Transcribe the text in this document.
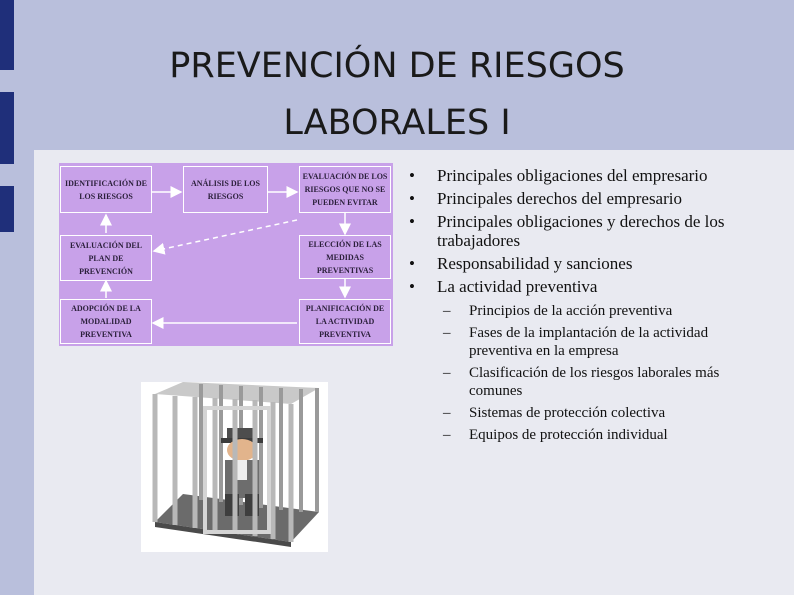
PREVENCIÓN DE RIESGOS
LABORALES I
IDENTIFICACIÓN DE LOS RIESGOS
ANÁLISIS DE LOS RIESGOS
EVALUACIÓN DE LOS RIESGOS QUE NO SE PUEDEN EVITAR
EVALUACIÓN DEL PLAN DE PREVENCIÓN
ELECCIÓN DE LAS MEDIDAS PREVENTIVAS
ADOPCIÓN DE LA MODALIDAD PREVENTIVA
PLANIFICACIÓN DE LA ACTIVIDAD PREVENTIVA
• Principales obligaciones del empresario
• Principales derechos del empresario
• Principales obligaciones y derechos de los trabajadores
• Responsabilidad y sanciones
• La actividad preventiva
– Principios de la acción preventiva
– Fases de la implantación de la actividad preventiva en la empresa
– Clasificación de los riesgos laborales más comunes
– Sistemas de protección colectiva
– Equipos de protección individual
